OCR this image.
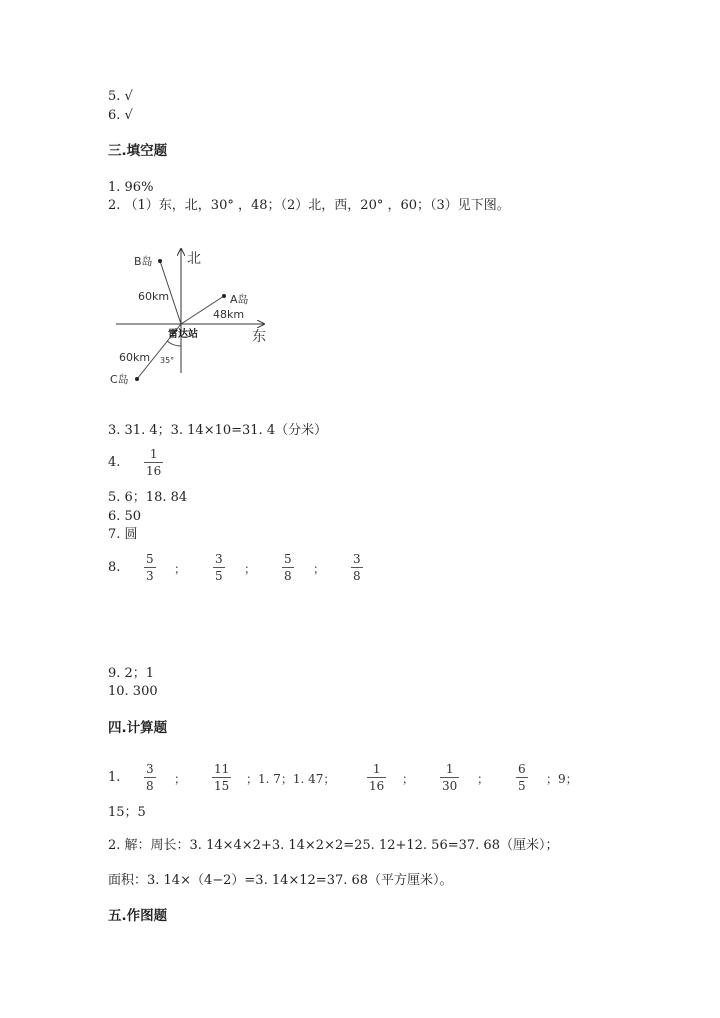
5. √
6. √
三.填空题
1. 96%
2. （1）东，北，30° ，48；（2）北，西，20° ，60；（3）见下图。
北
东
雷达站
B岛
A岛
C岛
60km
48km
60km 35°
3. 31. 4；3. 14×10=31. 4（分米）
4.
1
16
5. 6；18. 84
6. 50
7. 圆
8.
5
3 ；
3
5 ；
5
8 ；
3
8
9. 2；1
10. 300
四.计算题
1.
3
8 ；
11
15 ；1. 7；1. 47；
1
16 ；
1
30 ；
6
5 ；9；
15；5
2. 解：周长：3. 14×4×2+3. 14×2×2=25. 12+12. 56=37. 68（厘米）；
面积：3. 14×（4−2）=3. 14×12=37. 68（平方厘米）。
五.作图题
